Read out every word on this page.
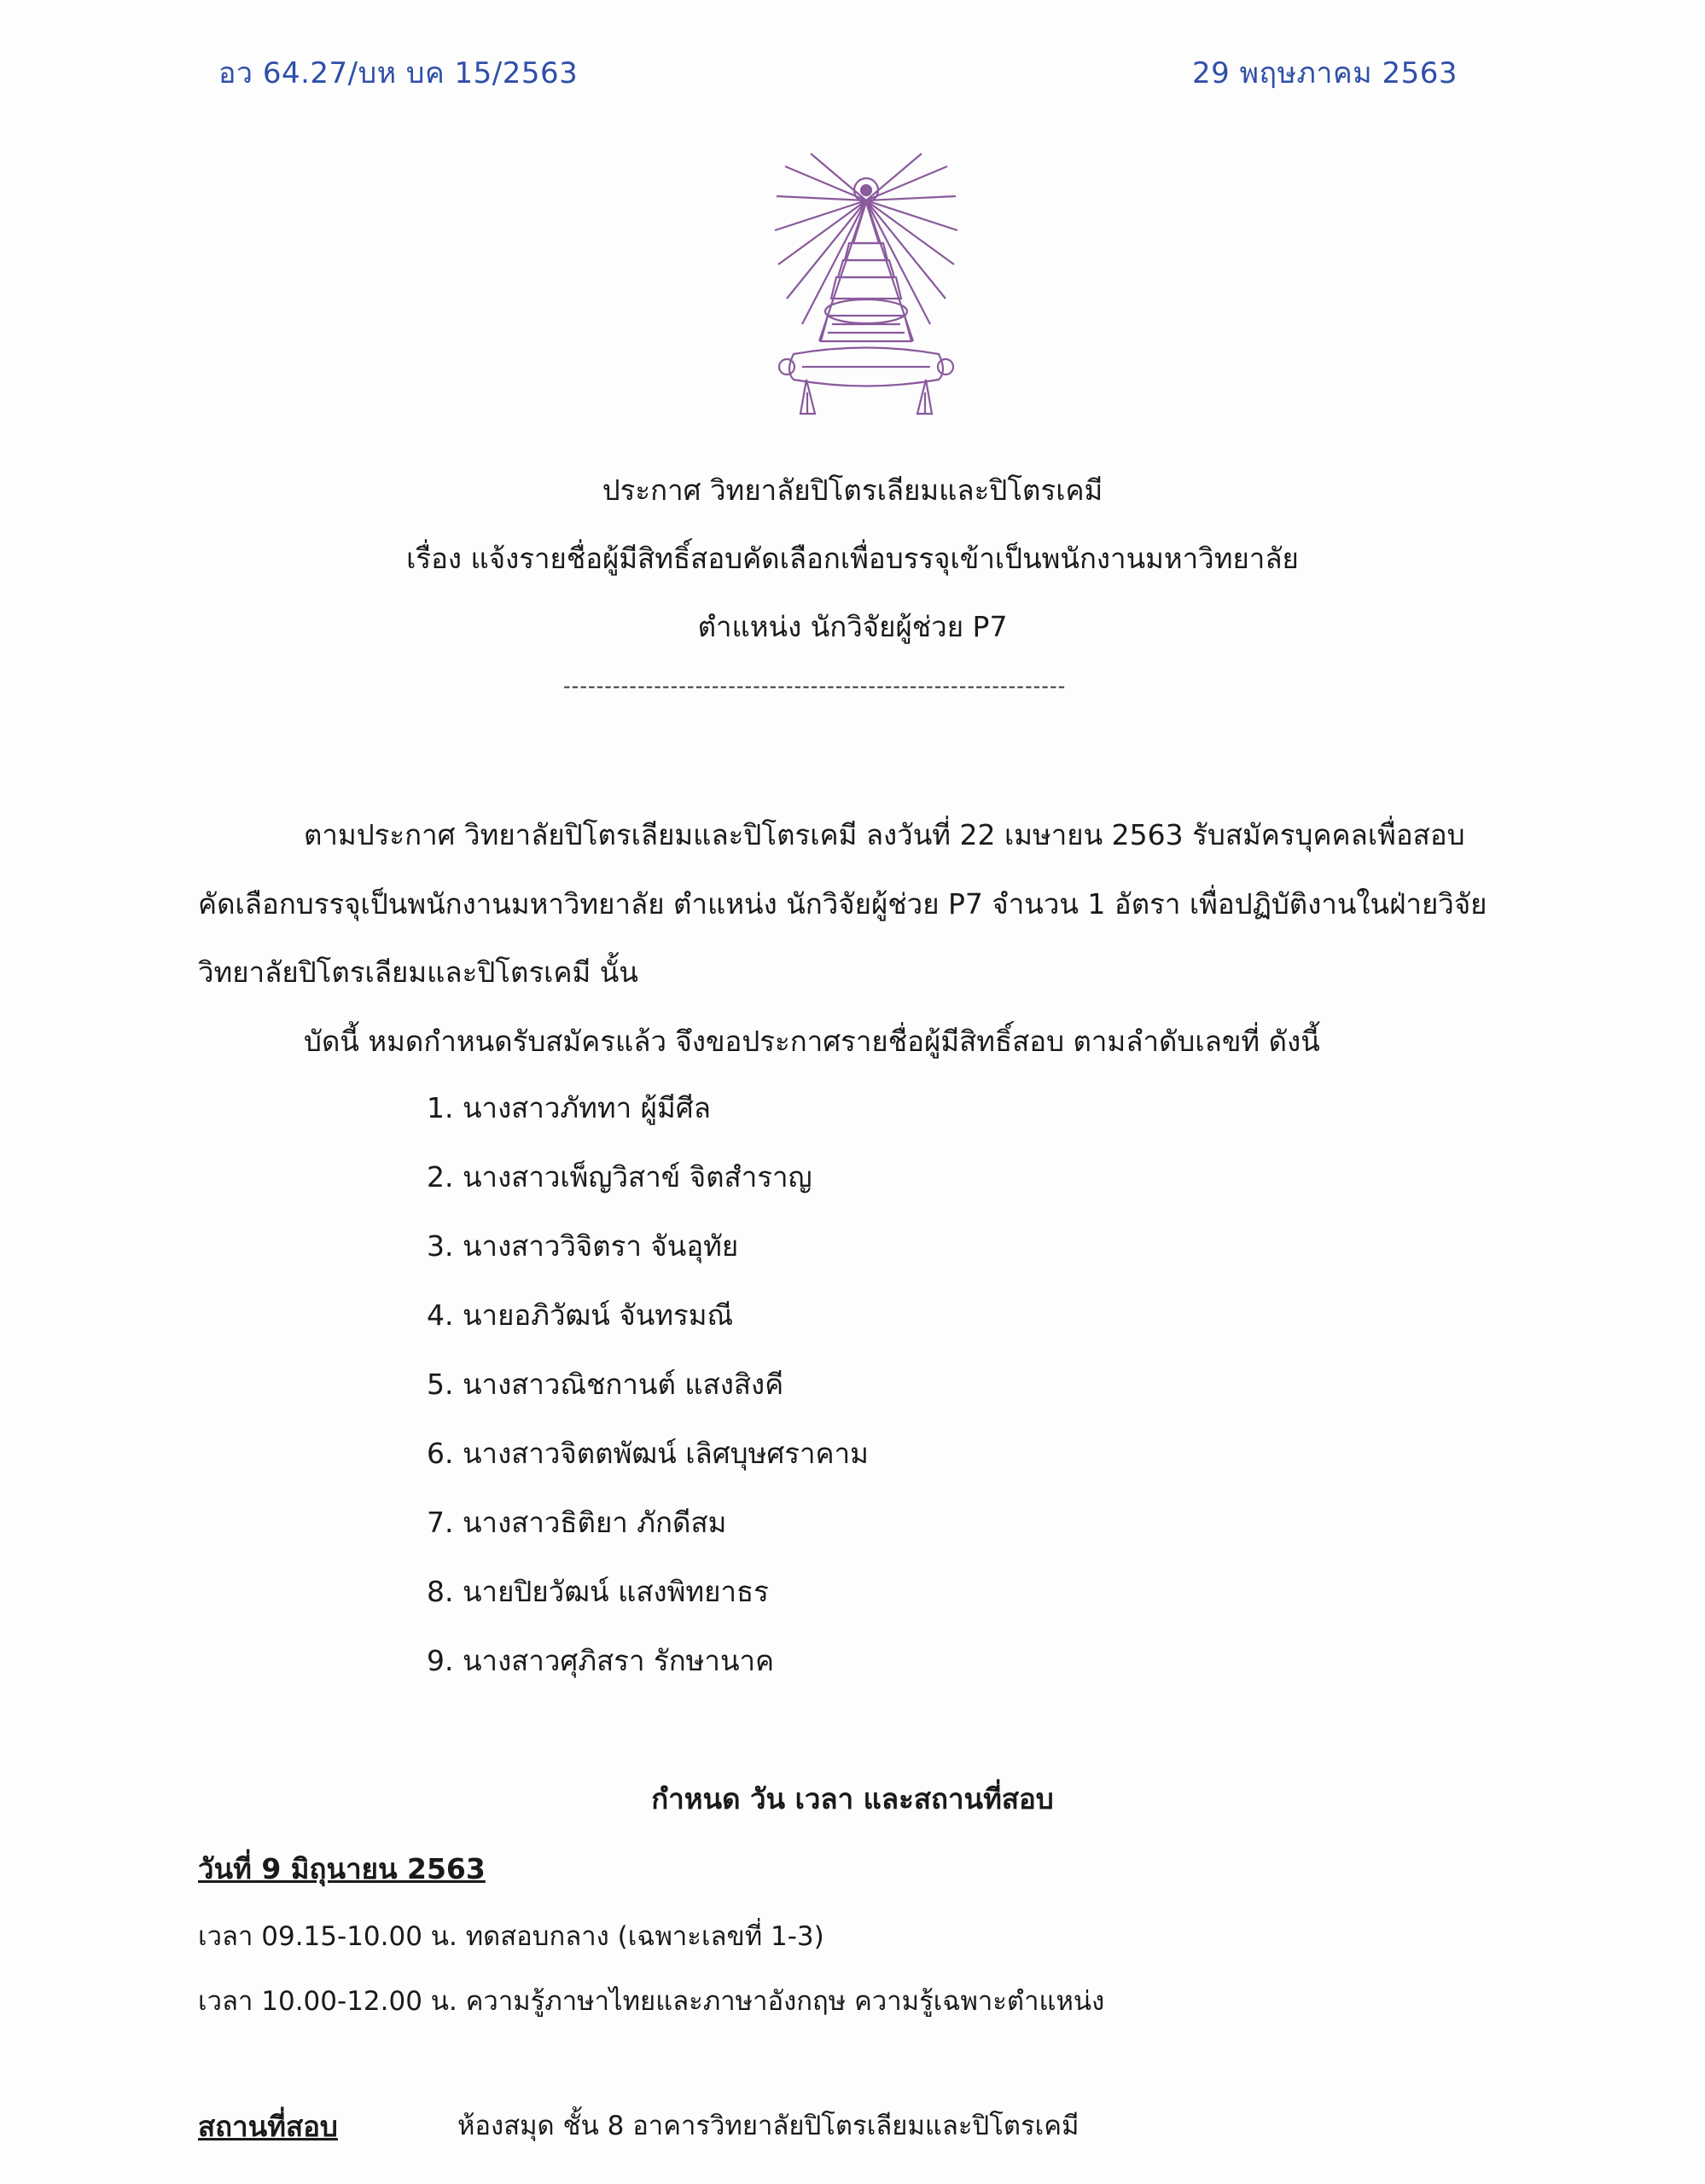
อว 64.27/บห บค 15/2563	29 พฤษภาคม 2563
ประกาศ วิทยาลัยปิโตรเลียมและปิโตรเคมี
เรื่อง แจ้งรายชื่อผู้มีสิทธิ์สอบคัดเลือกเพื่อบรรจุเข้าเป็นพนักงานมหาวิทยาลัย
ตำแหน่ง นักวิจัยผู้ช่วย P7
-------------------------------------------------------------
ตามประกาศ วิทยาลัยปิโตรเลียมและปิโตรเคมี ลงวันที่ 22 เมษายน 2563 รับสมัครบุคคลเพื่อสอบ
คัดเลือกบรรจุเป็นพนักงานมหาวิทยาลัย ตำแหน่ง นักวิจัยผู้ช่วย P7 จำนวน 1 อัตรา เพื่อปฏิบัติงานในฝ่ายวิจัย
วิทยาลัยปิโตรเลียมและปิโตรเคมี นั้น
บัดนี้ หมดกำหนดรับสมัครแล้ว จึงขอประกาศรายชื่อผู้มีสิทธิ์สอบ ตามลำดับเลขที่ ดังนี้
1. นางสาวภัททา ผู้มีศีล
2. นางสาวเพ็ญวิสาข์ จิตสำราญ
3. นางสาววิจิตรา จันอุทัย
4. นายอภิวัฒน์ จันทรมณี
5. นางสาวณิชกานต์ แสงสิงคี
6. นางสาวจิตตพัฒน์ เลิศบุษศราคาม
7. นางสาวธิติยา ภักดีสม
8. นายปิยวัฒน์ แสงพิทยาธร
9. นางสาวศุภิสรา รักษานาค
กำหนด วัน เวลา และสถานที่สอบ
วันที่ 9 มิถุนายน 2563
เวลา 09.15-10.00 น. ทดสอบกลาง (เฉพาะเลขที่ 1-3)
เวลา 10.00-12.00 น. ความรู้ภาษาไทยและภาษาอังกฤษ ความรู้เฉพาะตำแหน่ง
สถานที่สอบ	ห้องสมุด ชั้น 8 อาคารวิทยาลัยปิโตรเลียมและปิโตรเคมี
